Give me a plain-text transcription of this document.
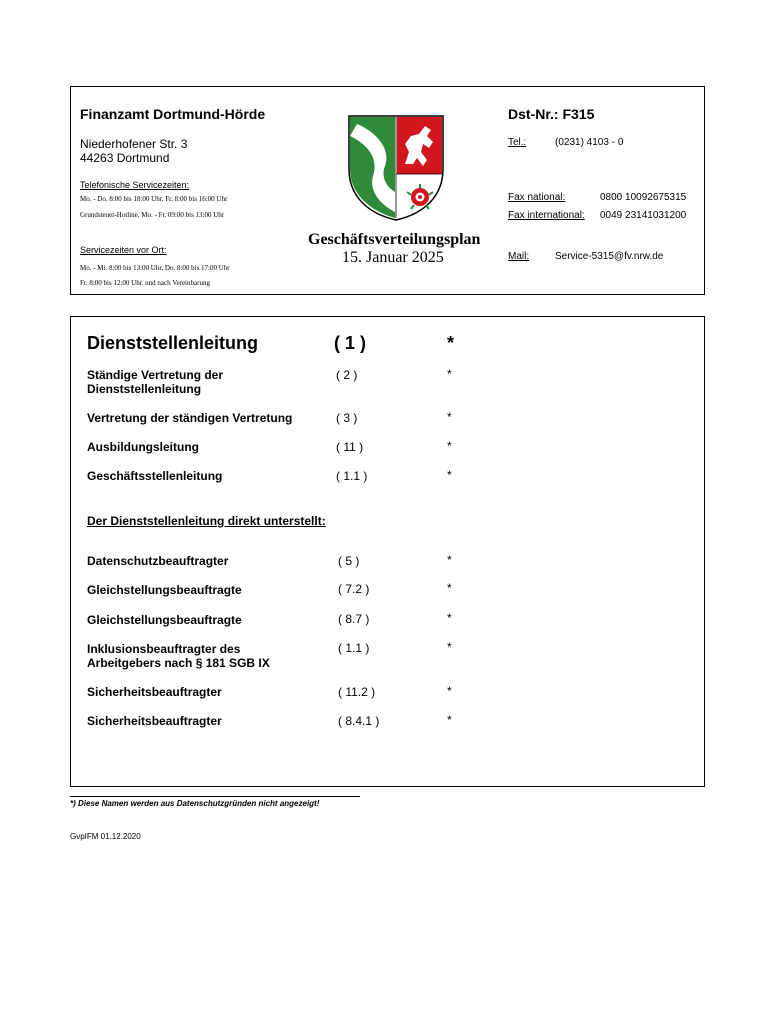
Finanzamt Dortmund-Hörde	Dst-Nr.: F315
Niederhofener Str. 3
44263 Dortmund
Telefonische Servicezeiten:
Mo. - Do. 8:00 bis 18:00 Uhr, Fr. 8:00 bis 16:00 Uhr
Grundsteuer-Hotline, Mo. - Fr. 09:00 bis 13:00 Uhr
Servicezeiten vor Ort:
Mo. - Mi. 8:00 bis 13:00 Uhr, Do. 8:00 bis 17:00 Uhr
Fr. 8:00 bis 12:00 Uhr. und nach Vereinbarung
Geschäftsverteilungsplan
15. Januar 2025
Tel.:	(0231) 4103 - 0
Fax national:	0800 10092675315
Fax international: 0049 23141031200
Mail:	Service-5315@fv.nrw.de
Dienststellenleitung	( 1 )	*
Ständige Vertretung der
Dienststellenleitung
( 2 )	*
Vertretung der ständigen Vertretung	( 3 )	*
Ausbildungsleitung	( 11 )	*
Geschäftsstellenleitung	( 1.1 )	*
Der Dienststellenleitung direkt unterstellt:
Datenschutzbeauftragter	( 5 )	*
Gleichstellungsbeauftragte	( 7.2 )	*
Gleichstellungsbeauftragte	( 8.7 )	*
Inklusionsbeauftragter des
Arbeitgebers nach § 181 SGB IX
( 1.1 )	*
Sicherheitsbeauftragter	( 11.2 )	*
Sicherheitsbeauftragter	( 8.4.1 )	*
*) Diese Namen werden aus Datenschutzgründen nicht angezeigt!
GvpIFM 01.12.2020
